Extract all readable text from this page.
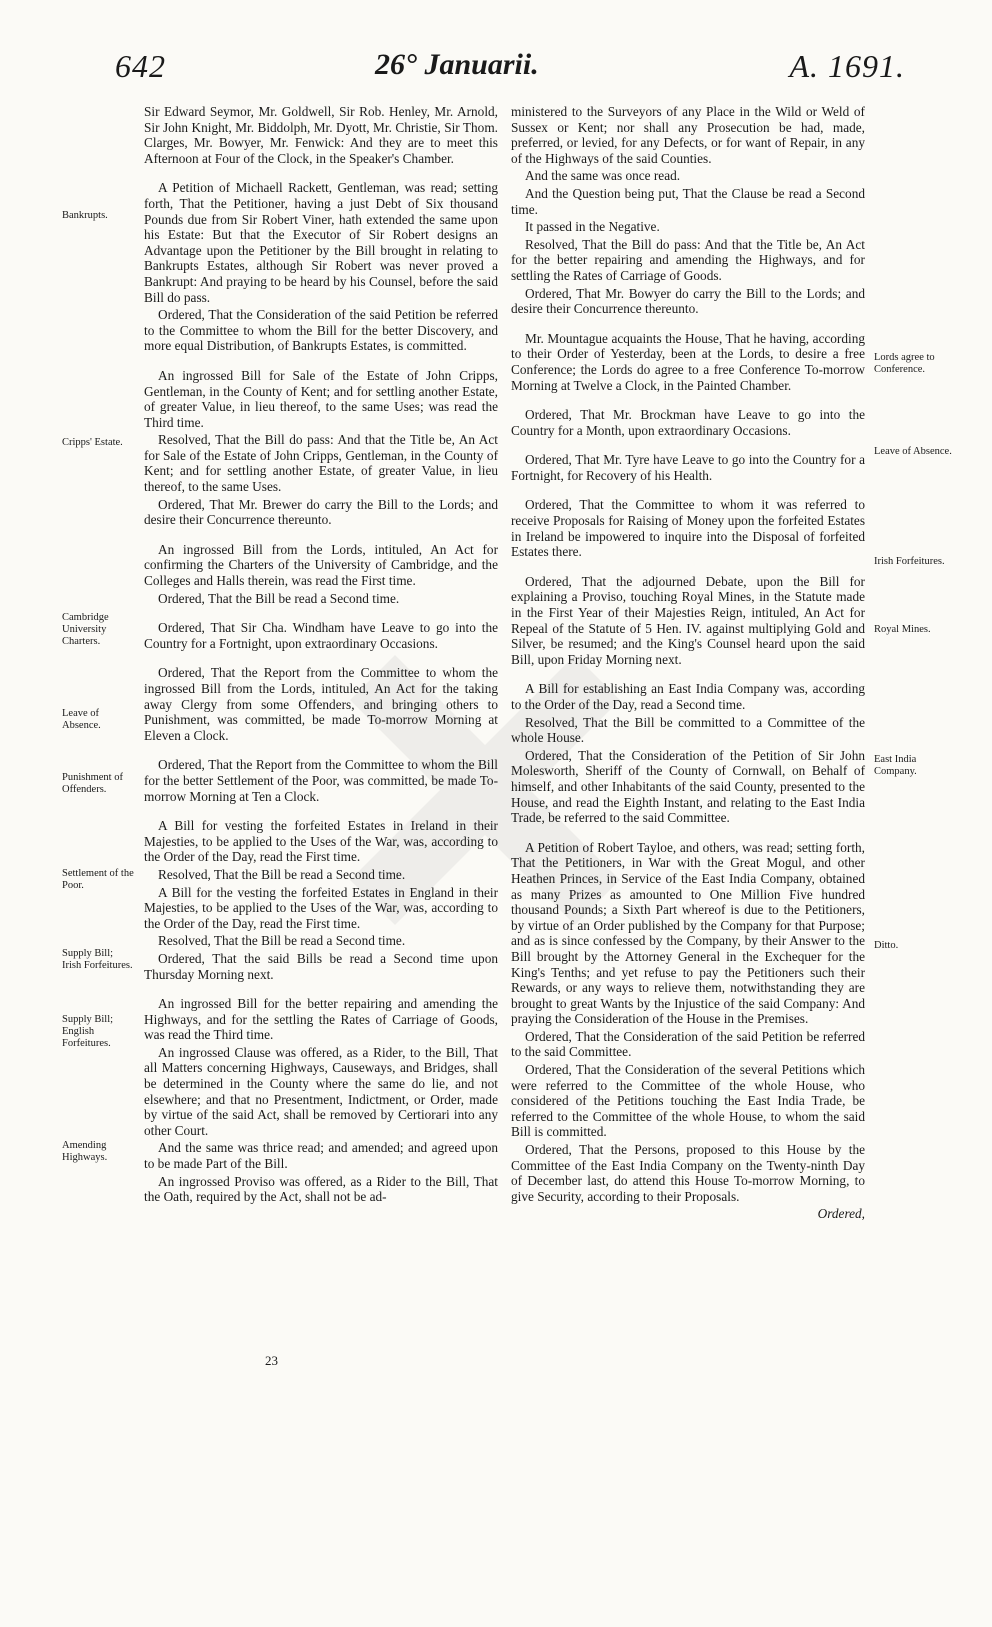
642	26° Januarii.	A. 1691.
Bankrupts.
Cripps' Estate.
Cambridge University Charters.
Leave of Absence.
Punishment of Offenders.
Settlement of the Poor.
Supply Bill; Irish Forfeitures.
Supply Bill; English Forfeitures.
Amending Highways.
Lords agree to Conference.
Leave of Absence.
Irish Forfeitures.
Royal Mines.
East India Company.
Ditto.

Sir Edward Seymor, Mr. Goldwell, Sir Rob. Henley, Mr. Arnold, Sir John Knight, Mr. Biddolph, Mr. Dyott, Mr. Christie, Sir Thom. Clarges, Mr. Bowyer, Mr. Fenwick: And they are to meet this Afternoon at Four of the Clock, in the Speaker's Chamber.

A Petition of Michaell Rackett, Gentleman, was read; setting forth, That the Petitioner, having a just Debt of Six thousand Pounds due from Sir Robert Viner, hath extended the same upon his Estate: But that the Executor of Sir Robert designs an Advantage upon the Petitioner by the Bill brought in relating to Bankrupts Estates, although Sir Robert was never proved a Bankrupt: And praying to be heard by his Counsel, before the said Bill do pass.

Ordered, That the Consideration of the said Petition be referred to the Committee to whom the Bill for the better Discovery, and more equal Distribution, of Bankrupts Estates, is committed.

An ingrossed Bill for Sale of the Estate of John Cripps, Gentleman, in the County of Kent; and for settling another Estate, of greater Value, in lieu thereof, to the same Uses; was read the Third time.

Resolved, That the Bill do pass: And that the Title be, An Act for Sale of the Estate of John Cripps, Gentleman, in the County of Kent; and for settling another Estate, of greater Value, in lieu thereof, to the same Uses.

Ordered, That Mr. Brewer do carry the Bill to the Lords; and desire their Concurrence thereunto.

An ingrossed Bill from the Lords, intituled, An Act for confirming the Charters of the University of Cambridge, and the Colleges and Halls therein, was read the First time.

Ordered, That the Bill be read a Second time.

Ordered, That Sir Cha. Windham have Leave to go into the Country for a Fortnight, upon extraordinary Occasions.

Ordered, That the Report from the Committee to whom the ingrossed Bill from the Lords, intituled, An Act for the taking away Clergy from some Offenders, and bringing others to Punishment, was committed, be made To-morrow Morning at Eleven a Clock.

Ordered, That the Report from the Committee to whom the Bill for the better Settlement of the Poor, was committed, be made To-morrow Morning at Ten a Clock.

A Bill for vesting the forfeited Estates in Ireland in their Majesties, to be applied to the Uses of the War, was, according to the Order of the Day, read the First time.

Resolved, That the Bill be read a Second time.

A Bill for the vesting the forfeited Estates in England in their Majesties, to be applied to the Uses of the War, was, according to the Order of the Day, read the First time.

Resolved, That the Bill be read a Second time.

Ordered, That the said Bills be read a Second time upon Thursday Morning next.

An ingrossed Bill for the better repairing and amending the Highways, and for the settling the Rates of Carriage of Goods, was read the Third time.

An ingrossed Clause was offered, as a Rider, to the Bill, That all Matters concerning Highways, Causeways, and Bridges, shall be determined in the County where the same do lie, and not elsewhere; and that no Presentment, Indictment, or Order, made by virtue of the said Act, shall be removed by Certiorari into any other Court.

And the same was thrice read; and amended; and agreed upon to be made Part of the Bill.

An ingrossed Proviso was offered, as a Rider to the Bill, That the Oath, required by the Act, shall not be ad-

ministered to the Surveyors of any Place in the Wild or Weld of Sussex or Kent; nor shall any Prosecution be had, made, preferred, or levied, for any Defects, or for want of Repair, in any of the Highways of the said Counties.

And the same was once read.

And the Question being put, That the Clause be read a Second time.

It passed in the Negative.

Resolved, That the Bill do pass: And that the Title be, An Act for the better repairing and amending the Highways, and for settling the Rates of Carriage of Goods.

Ordered, That Mr. Bowyer do carry the Bill to the Lords; and desire their Concurrence thereunto.

Mr. Mountague acquaints the House, That he having, according to their Order of Yesterday, been at the Lords, to desire a free Conference; the Lords do agree to a free Conference To-morrow Morning at Twelve a Clock, in the Painted Chamber.

Ordered, That Mr. Brockman have Leave to go into the Country for a Month, upon extraordinary Occasions.

Ordered, That Mr. Tyre have Leave to go into the Country for a Fortnight, for Recovery of his Health.

Ordered, That the Committee to whom it was referred to receive Proposals for Raising of Money upon the forfeited Estates in Ireland be impowered to inquire into the Disposal of forfeited Estates there.

Ordered, That the adjourned Debate, upon the Bill for explaining a Proviso, touching Royal Mines, in the Statute made in the First Year of their Majesties Reign, intituled, An Act for Repeal of the Statute of 5 Hen. IV. against multiplying Gold and Silver, be resumed; and the King's Counsel heard upon the said Bill, upon Friday Morning next.

A Bill for establishing an East India Company was, according to the Order of the Day, read a Second time.

Resolved, That the Bill be committed to a Committee of the whole House.

Ordered, That the Consideration of the Petition of Sir John Molesworth, Sheriff of the County of Cornwall, on Behalf of himself, and other Inhabitants of the said County, presented to the House, and read the Eighth Instant, and relating to the East India Trade, be referred to the said Committee.

A Petition of Robert Tayloe, and others, was read; setting forth, That the Petitioners, in War with the Great Mogul, and other Heathen Princes, in Service of the East India Company, obtained as many Prizes as amounted to One Million Five hundred thousand Pounds; a Sixth Part whereof is due to the Petitioners, by virtue of an Order published by the Company for that Purpose; and as is since confessed by the Company, by their Answer to the Bill brought by the Attorney General in the Exchequer for the King's Tenths; and yet refuse to pay the Petitioners such their Rewards, or any ways to relieve them, notwithstanding they are brought to great Wants by the Injustice of the said Company: And praying the Consideration of the House in the Premises.

Ordered, That the Consideration of the said Petition be referred to the said Committee.

Ordered, That the Consideration of the several Petitions which were referred to the Committee of the whole House, who considered of the Petitions touching the East India Trade, be referred to the Committee of the whole House, to whom the said Bill is committed.

Ordered, That the Persons, proposed to this House by the Committee of the East India Company on the Twenty-ninth Day of December last, do attend this House To-morrow Morning, to give Security, according to their Proposals.

Ordered,

23
